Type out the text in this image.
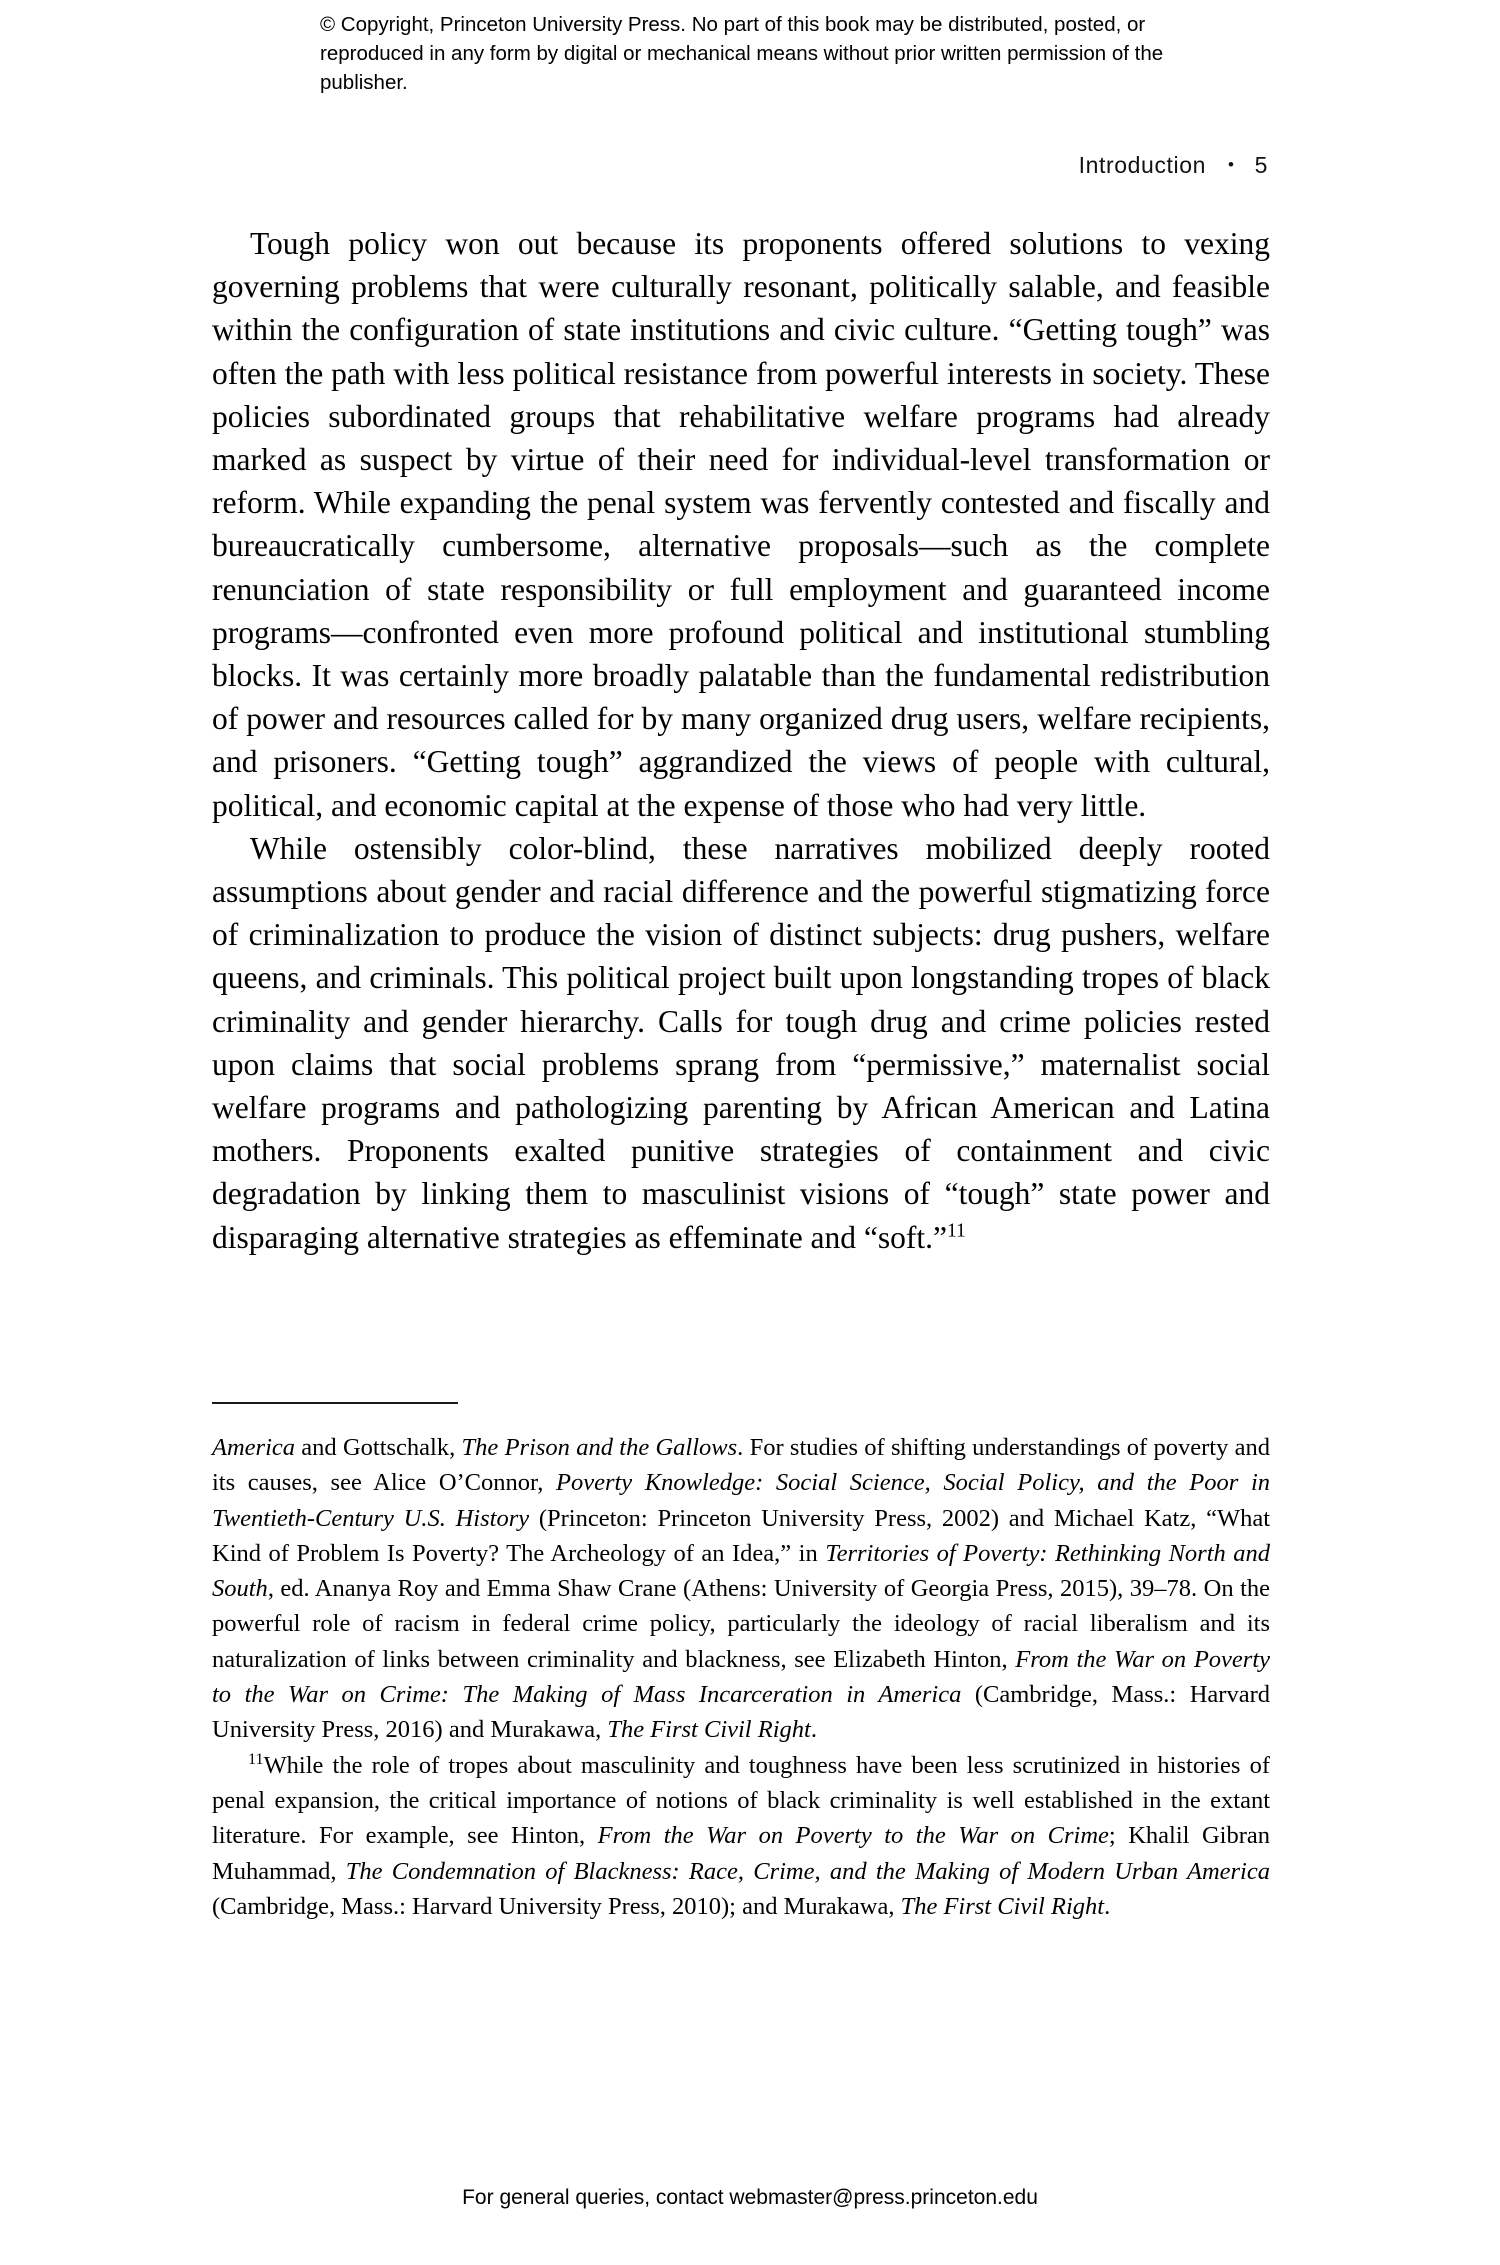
© Copyright, Princeton University Press. No part of this book may be distributed, posted, or reproduced in any form by digital or mechanical means without prior written permission of the publisher.
Introduction • 5

Tough policy won out because its proponents offered solutions to vexing governing problems that were culturally resonant, politically salable, and feasible within the configuration of state institutions and civic culture. “Getting tough” was often the path with less political resistance from powerful interests in society. These policies subordinated groups that rehabilitative welfare programs had already marked as suspect by virtue of their need for individual-level transformation or reform. While expanding the penal system was fervently contested and fiscally and bureaucratically cumbersome, alternative proposals—such as the complete renunciation of state responsibility or full employment and guaranteed income programs—confronted even more profound political and institutional stumbling blocks. It was certainly more broadly palatable than the fundamental redistribution of power and resources called for by many organized drug users, welfare recipients, and prisoners. “Getting tough” aggrandized the views of people with cultural, political, and economic capital at the expense of those who had very little.

While ostensibly color-blind, these narratives mobilized deeply rooted assumptions about gender and racial difference and the powerful stigmatizing force of criminalization to produce the vision of distinct subjects: drug pushers, welfare queens, and criminals. This political project built upon longstanding tropes of black criminality and gender hierarchy. Calls for tough drug and crime policies rested upon claims that social problems sprang from “permissive,” maternalist social welfare programs and pathologizing parenting by African American and Latina mothers. Proponents exalted punitive strategies of containment and civic degradation by linking them to masculinist visions of “tough” state power and disparaging alternative strategies as effeminate and “soft.”$^{11}$

America and Gottschalk, The Prison and the Gallows. For studies of shifting understandings of poverty and its causes, see Alice O’Connor, Poverty Knowledge: Social Science, Social Policy, and the Poor in Twentieth-Century U.S. History (Princeton: Princeton University Press, 2002) and Michael Katz, “What Kind of Problem Is Poverty? The Archeology of an Idea,” in Territories of Poverty: Rethinking North and South, ed. Ananya Roy and Emma Shaw Crane (Athens: University of Georgia Press, 2015), 39–78. On the powerful role of racism in federal crime policy, particularly the ideology of racial liberalism and its naturalization of links between criminality and blackness, see Elizabeth Hinton, From the War on Poverty to the War on Crime: The Making of Mass Incarceration in America (Cambridge, Mass.: Harvard University Press, 2016) and Murakawa, The First Civil Right.

$^{11}$While the role of tropes about masculinity and toughness have been less scrutinized in histories of penal expansion, the critical importance of notions of black criminality is well established in the extant literature. For example, see Hinton, From the War on Poverty to the War on Crime; Khalil Gibran Muhammad, The Condemnation of Blackness: Race, Crime, and the Making of Modern Urban America (Cambridge, Mass.: Harvard University Press, 2010); and Murakawa, The First Civil Right.

For general queries, contact webmaster@press.princeton.edu
